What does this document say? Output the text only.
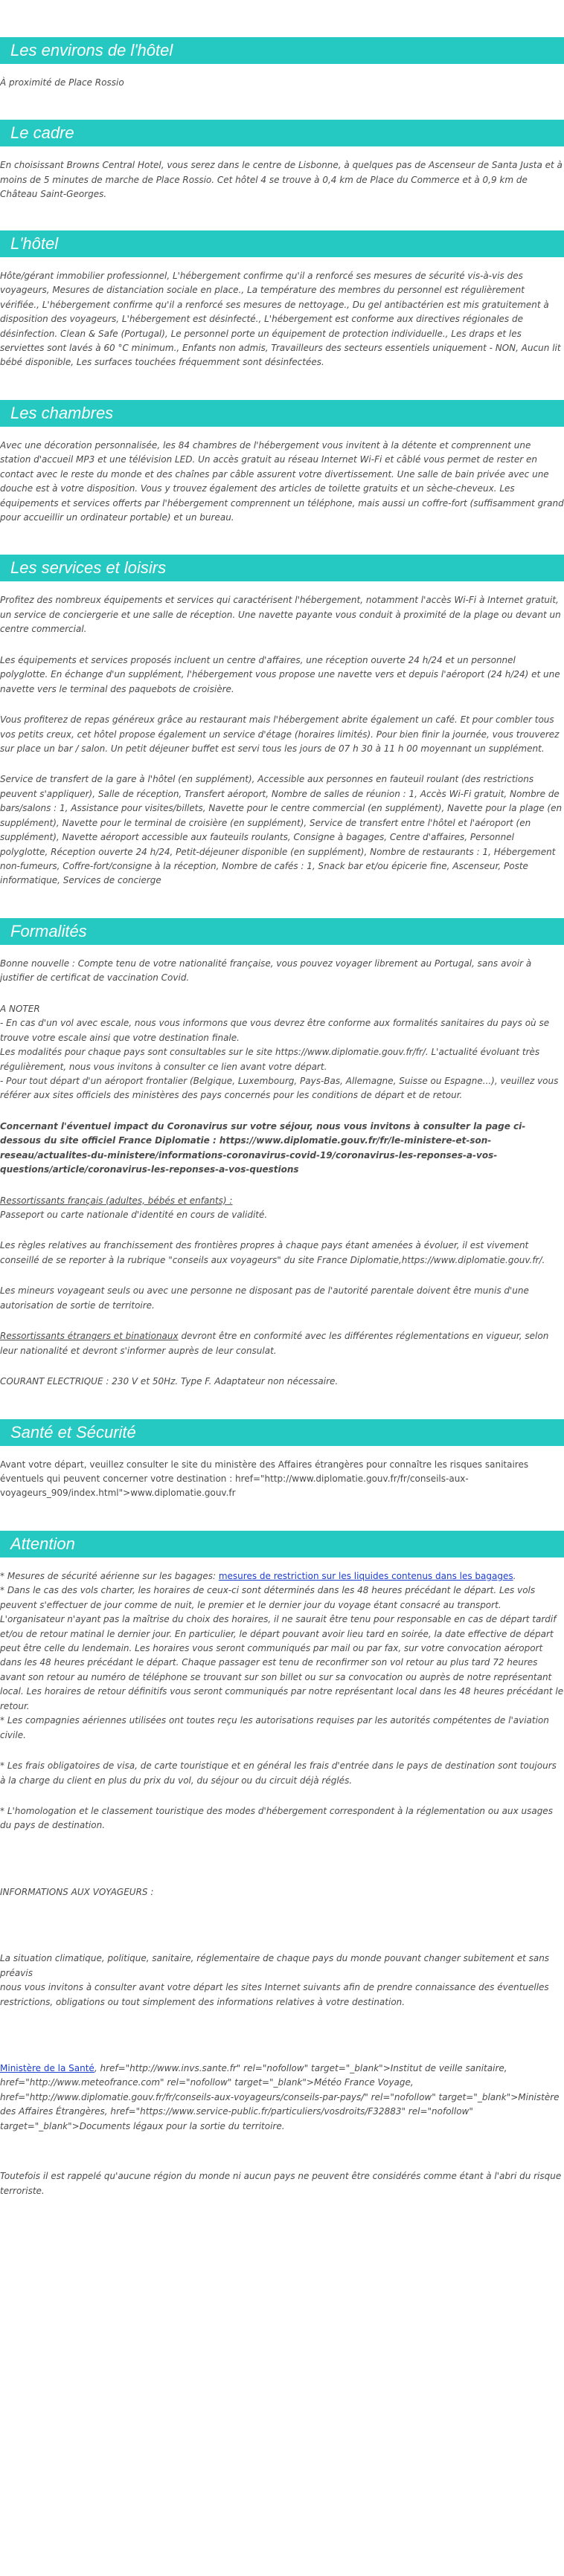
Les environs de l'hôtel

À proximité de Place Rossio

Le cadre

En choisissant Browns Central Hotel, vous serez dans le centre de Lisbonne, à quelques pas de Ascenseur de Santa Justa et à moins de 5 minutes de marche de Place Rossio. Cet hôtel 4 se trouve à 0,4 km de Place du Commerce et à 0,9 km de Château Saint-Georges.

L'hôtel

Hôte/gérant immobilier professionnel, L'hébergement confirme qu'il a renforcé ses mesures de sécurité vis-à-vis des voyageurs, Mesures de distanciation sociale en place., La température des membres du personnel est régulièrement vérifiée., L'hébergement confirme qu'il a renforcé ses mesures de nettoyage., Du gel antibactérien est mis gratuitement à disposition des voyageurs, L'hébergement est désinfecté., L'hébergement est conforme aux directives régionales de désinfection. Clean & Safe (Portugal), Le personnel porte un équipement de protection individuelle., Les draps et les serviettes sont lavés à 60 °C minimum., Enfants non admis, Travailleurs des secteurs essentiels uniquement - NON, Aucun lit bébé disponible, Les surfaces touchées fréquemment sont désinfectées.

Les chambres

Avec une décoration personnalisée, les 84 chambres de l'hébergement vous invitent à la détente et comprennent une station d'accueil MP3 et une télévision LED. Un accès gratuit au réseau Internet Wi-Fi et câblé vous permet de rester en contact avec le reste du monde et des chaînes par câble assurent votre divertissement. Une salle de bain privée avec une douche est à votre disposition. Vous y trouvez également des articles de toilette gratuits et un sèche-cheveux. Les équipements et services offerts par l'hébergement comprennent un téléphone, mais aussi un coffre-fort (suffisamment grand pour accueillir un ordinateur portable) et un bureau.

Les services et loisirs

Profitez des nombreux équipements et services qui caractérisent l'hébergement, notamment l'accès Wi-Fi à Internet gratuit, un service de conciergerie et une salle de réception. Une navette payante vous conduit à proximité de la plage ou devant un centre commercial.

Les équipements et services proposés incluent un centre d'affaires, une réception ouverte 24 h/24 et un personnel polyglotte. En échange d'un supplément, l'hébergement vous propose une navette vers et depuis l'aéroport (24 h/24) et une navette vers le terminal des paquebots de croisière.

Vous profiterez de repas généreux grâce au restaurant mais l'hébergement abrite également un café. Et pour combler tous vos petits creux, cet hôtel propose également un service d'étage (horaires limités). Pour bien finir la journée, vous trouverez sur place un bar / salon. Un petit déjeuner buffet est servi tous les jours de 07 h 30 à 11 h 00 moyennant un supplément.

Service de transfert de la gare à l'hôtel (en supplément), Accessible aux personnes en fauteuil roulant (des restrictions peuvent s'appliquer), Salle de réception, Transfert aéroport, Nombre de salles de réunion : 1, Accès Wi-Fi gratuit, Nombre de bars/salons : 1, Assistance pour visites/billets, Navette pour le centre commercial (en supplément), Navette pour la plage (en supplément), Navette pour le terminal de croisière (en supplément), Service de transfert entre l'hôtel et l'aéroport (en supplément), Navette aéroport accessible aux fauteuils roulants, Consigne à bagages, Centre d'affaires, Personnel polyglotte, Réception ouverte 24 h/24, Petit-déjeuner disponible (en supplément), Nombre de restaurants : 1, Hébergement non-fumeurs, Coffre-fort/consigne à la réception, Nombre de cafés : 1, Snack bar et/ou épicerie fine, Ascenseur, Poste informatique, Services de concierge

Formalités

Bonne nouvelle : Compte tenu de votre nationalité française, vous pouvez voyager librement au Portugal, sans avoir à justifier de certificat de vaccination Covid.

A NOTER

- En cas d'un vol avec escale, nous vous informons que vous devrez être conforme aux formalités sanitaires du pays où se trouve votre escale ainsi que votre destination finale.

Les modalités pour chaque pays sont consultables sur le site https://www.diplomatie.gouv.fr/fr/. L'actualité évoluant très régulièrement, nous vous invitons à consulter ce lien avant votre départ.

- Pour tout départ d'un aéroport frontalier (Belgique, Luxembourg, Pays-Bas, Allemagne, Suisse ou Espagne...), veuillez vous référer aux sites officiels des ministères des pays concernés pour les conditions de départ et de retour.

Concernant l'éventuel impact du Coronavirus sur votre séjour, nous vous invitons à consulter la page ci-dessous du site officiel France Diplomatie : https://www.diplomatie.gouv.fr/fr/le-ministere-et-son-reseau/actualites-du-ministere/informations-coronavirus-covid-19/coronavirus-les-reponses-a-vos-questions/article/coronavirus-les-reponses-a-vos-questions

Ressortissants français (adultes, bébés et enfants) :

Passeport ou carte nationale d'identité en cours de validité.

Les règles relatives au franchissement des frontières propres à chaque pays étant amenées à évoluer, il est vivement conseillé de se reporter à la rubrique "conseils aux voyageurs" du site France Diplomatie,https://www.diplomatie.gouv.fr/.

Les mineurs voyageant seuls ou avec une personne ne disposant pas de l'autorité parentale doivent être munis d'une autorisation de sortie de territoire.

Ressortissants étrangers et binationaux devront être en conformité avec les différentes réglementations en vigueur, selon leur nationalité et devront s'informer auprès de leur consulat.

COURANT ELECTRIQUE : 230 V et 50Hz. Type F. Adaptateur non nécessaire.

Santé et Sécurité

Avant votre départ, veuillez consulter le site du ministère des Affaires étrangères pour connaître les risques sanitaires éventuels qui peuvent concerner votre destination : href="http://www.diplomatie.gouv.fr/fr/conseils-aux-voyageurs_909/index.html">www.diplomatie.gouv.fr

Attention

* Mesures de sécurité aérienne sur les bagages: mesures de restriction sur les liquides contenus dans les bagages.

* Dans le cas des vols charter, les horaires de ceux-ci sont déterminés dans les 48 heures précédant le départ. Les vols peuvent s'effectuer de jour comme de nuit, le premier et le dernier jour du voyage étant consacré au transport. L'organisateur n'ayant pas la maîtrise du choix des horaires, il ne saurait être tenu pour responsable en cas de départ tardif et/ou de retour matinal le dernier jour. En particulier, le départ pouvant avoir lieu tard en soirée, la date effective de départ peut être celle du lendemain. Les horaires vous seront communiqués par mail ou par fax, sur votre convocation aéroport dans les 48 heures précédant le départ. Chaque passager est tenu de reconfirmer son vol retour au plus tard 72 heures avant son retour au numéro de téléphone se trouvant sur son billet ou sur sa convocation ou auprès de notre représentant local. Les horaires de retour définitifs vous seront communiqués par notre représentant local dans les 48 heures précédant le retour.

* Les compagnies aériennes utilisées ont toutes reçu les autorisations requises par les autorités compétentes de l'aviation civile.

* Les frais obligatoires de visa, de carte touristique et en général les frais d'entrée dans le pays de destination sont toujours à la charge du client en plus du prix du vol, du séjour ou du circuit déjà réglés.

* L'homologation et le classement touristique des modes d'hébergement correspondent à la réglementation ou aux usages du pays de destination.

INFORMATIONS AUX VOYAGEURS :

La situation climatique, politique, sanitaire, réglementaire de chaque pays du monde pouvant changer subitement et sans préavis

nous vous invitons à consulter avant votre départ les sites Internet suivants afin de prendre connaissance des éventuelles restrictions, obligations ou tout simplement des informations relatives à votre destination.

Ministère de la Santé, href="http://www.invs.sante.fr" rel="nofollow" target="_blank">Institut de veille sanitaire, href="http://www.meteofrance.com" rel="nofollow" target="_blank">Météo France Voyage, href="http://www.diplomatie.gouv.fr/fr/conseils-aux-voyageurs/conseils-par-pays/" rel="nofollow" target="_blank">Ministère des Affaires Étrangères, href="https://www.service-public.fr/particuliers/vosdroits/F32883" rel="nofollow" target="_blank">Documents légaux pour la sortie du territoire.

Toutefois il est rappelé qu'aucune région du monde ni aucun pays ne peuvent être considérés comme étant à l'abri du risque terroriste.
